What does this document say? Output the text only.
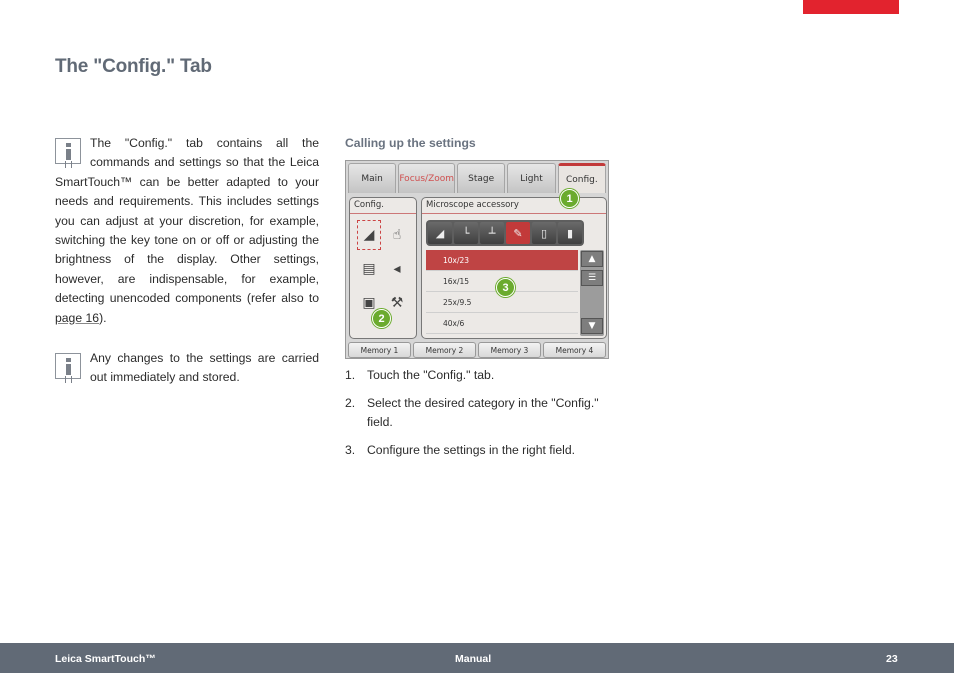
The "Config." Tab
The "Config." tab contains all the commands and settings so that the Leica SmartTouch™ can be better adapted to your needs and requirements. This includes settings you can adjust at your discretion, for example, switching the key tone on or off or adjusting the brightness of the display. Other settings, however, are indispensable, for example, detecting unencoded components (refer also to page 16).
Any changes to the settings are carried out immediately and stored.
Calling up the settings
Main	Focus/Zoom	Stage	Light	Config.
Config.
◢	☝
▤	◂
▣	⚒
Microscope accessory
◢	└	┴	✎	▯	▮
10x/23
16x/15
25x/9.5
40x/6
▲
☰
▼
Memory 1	Memory 2	Memory 3	Memory 4
1
2
3
1. Touch the "Config." tab.
2. Select the desired category in the "Config." field.
3. Configure the settings in the right field.
Leica SmartTouch™	Manual	23
